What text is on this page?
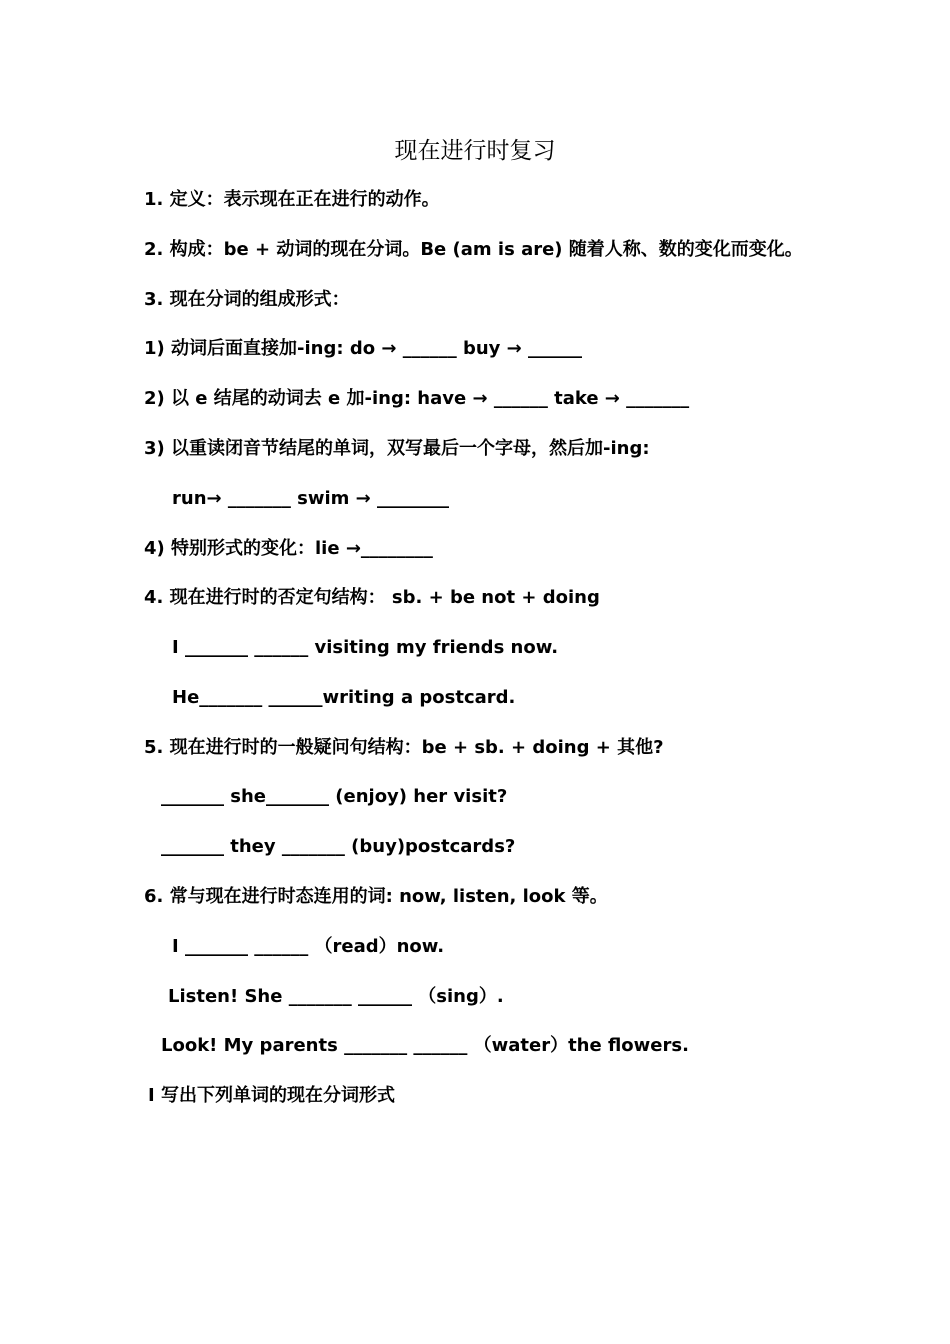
现在进行时复习
1. 定义：表示现在正在进行的动作。
2. 构成：be + 动词的现在分词。Be (am is are) 随着人称、数的变化而变化。
3. 现在分词的组成形式：
1) 动词后面直接加-ing: do → ______ buy → ______
2) 以 e 结尾的动词去 e 加-ing: have → ______ take → _______
3) 以重读闭音节结尾的单词，双写最后一个字母，然后加-ing:
run→ _______ swim → ________
4) 特别形式的变化：lie →________
4. 现在进行时的否定句结构： sb. + be not + doing
I _______ ______ visiting my friends now.
He_______ ______writing a postcard.
5. 现在进行时的一般疑问句结构：be + sb. + doing + 其他?
_______ she_______ (enjoy) her visit?
_______ they _______ (buy)postcards?
6. 常与现在进行时态连用的词: now, listen, look 等。
I _______ ______ （read）now.
Listen! She _______ ______ （sing）.
Look! My parents _______ ______ （water）the flowers.
Ⅰ 写出下列单词的现在分词形式
